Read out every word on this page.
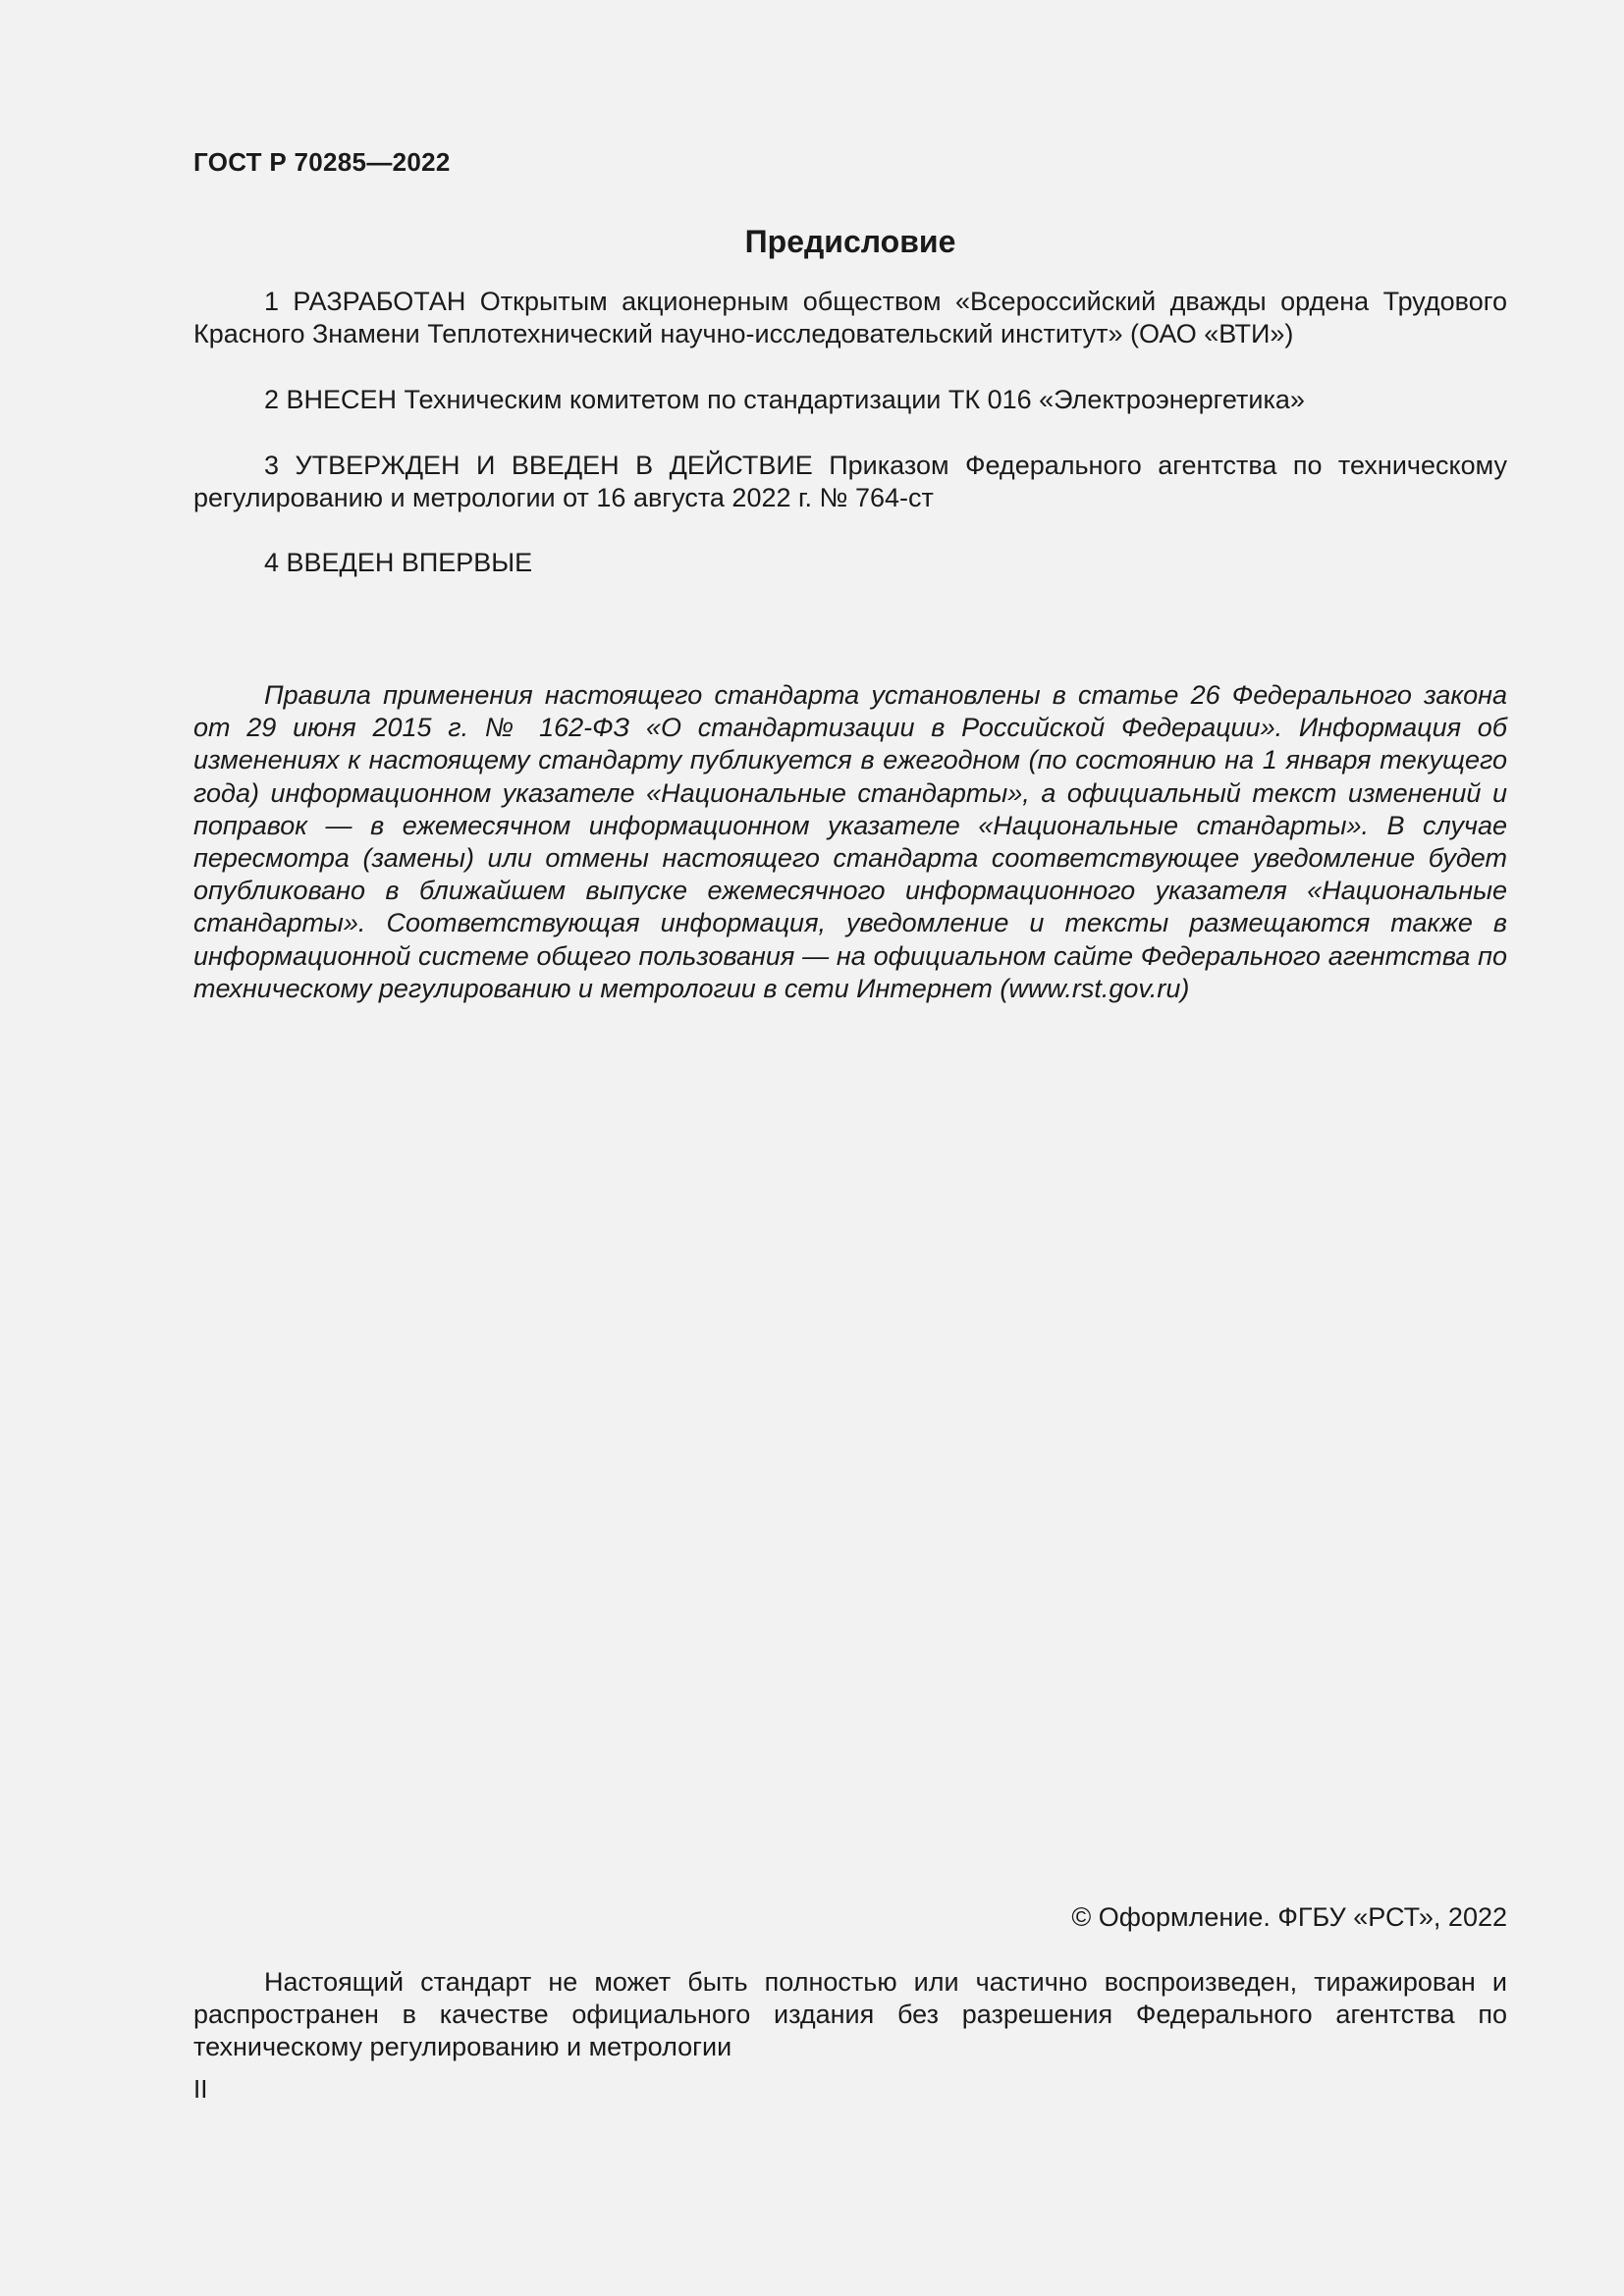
ГОСТ Р 70285—2022
Предисловие

1 РАЗРАБОТАН Открытым акционерным обществом «Всероссийский дважды ордена Трудового Красного Знамени Теплотехнический научно-исследовательский институт» (ОАО «ВТИ»)

2 ВНЕСЕН Техническим комитетом по стандартизации ТК 016 «Электроэнергетика»

3 УТВЕРЖДЕН И ВВЕДЕН В ДЕЙСТВИЕ Приказом Федерального агентства по техническому регулированию и метрологии от 16 августа 2022 г. № 764-ст

4 ВВЕДЕН ВПЕРВЫЕ

Правила применения настоящего стандарта установлены в статье 26 Федерального закона от 29 июня 2015 г. № 162-ФЗ «О стандартизации в Российской Федерации». Информация об изменениях к настоящему стандарту публикуется в ежегодном (по состоянию на 1 января текущего года) информационном указателе «Национальные стандарты», а официальный текст изменений и поправок — в ежемесячном информационном указателе «Национальные стандарты». В случае пересмотра (замены) или отмены настоящего стандарта соответствующее уведомление будет опубликовано в ближайшем выпуске ежемесячного информационного указателя «Национальные стандарты». Соответствующая информация, уведомление и тексты размещаются также в информационной системе общего пользования — на официальном сайте Федерального агентства по техническому регулированию и метрологии в сети Интернет (www.rst.gov.ru)

© Оформление. ФГБУ «РСТ», 2022

Настоящий стандарт не может быть полностью или частично воспроизведен, тиражирован и распространен в качестве официального издания без разрешения Федерального агентства по техническому регулированию и метрологии

II
